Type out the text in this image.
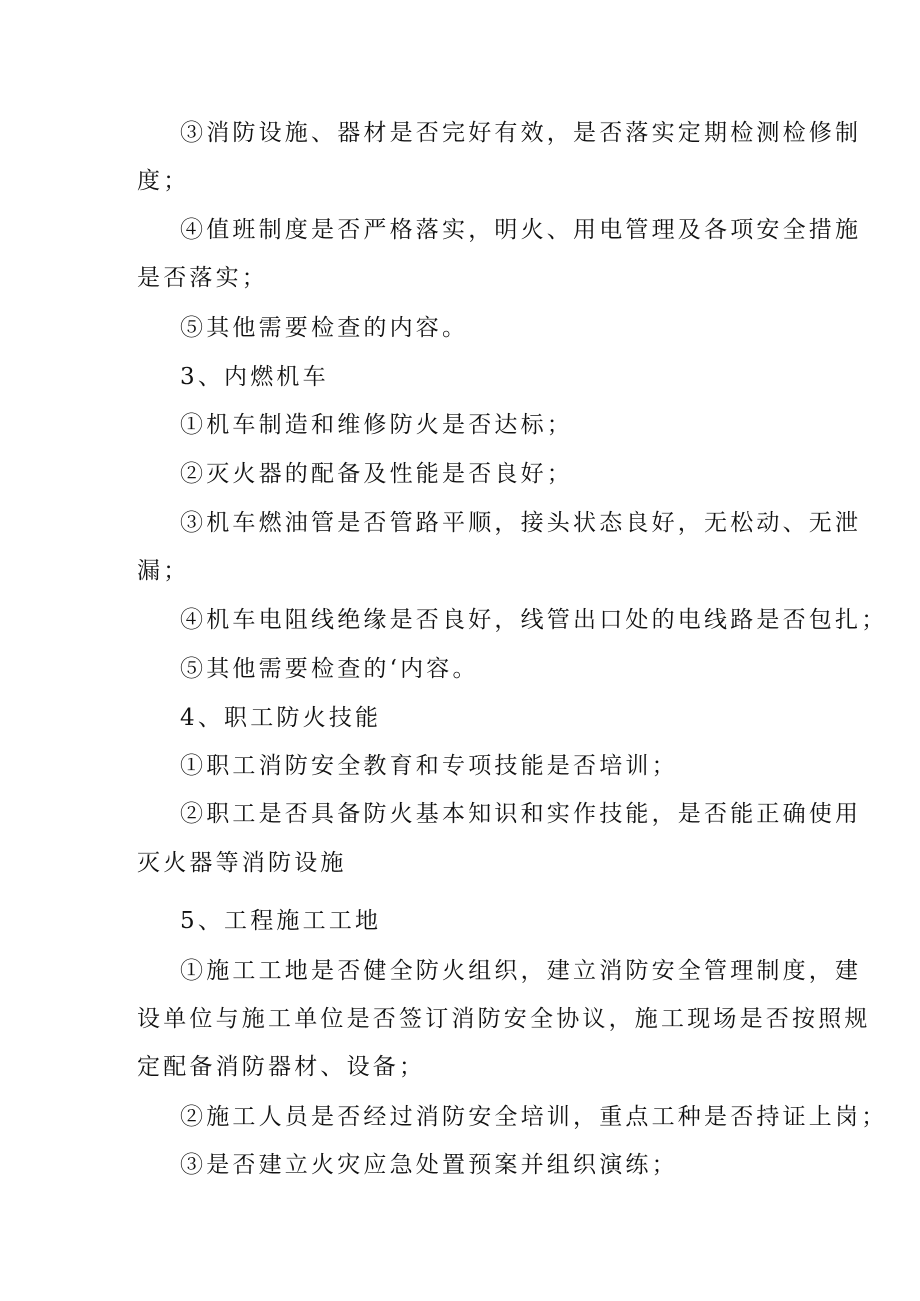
③消防设施、器材是否完好有效，是否落实定期检测检修制
度；
④值班制度是否严格落实，明火、用电管理及各项安全措施
是否落实；
⑤其他需要检查的内容。
3、内燃机车
①机车制造和维修防火是否达标；
②灭火器的配备及性能是否良好；
③机车燃油管是否管路平顺，接头状态良好，无松动、无泄
漏；
④机车电阻线绝缘是否良好，线管出口处的电线路是否包扎；
⑤其他需要检查的‘内容。
4、职工防火技能
①职工消防安全教育和专项技能是否培训；
②职工是否具备防火基本知识和实作技能，是否能正确使用
灭火器等消防设施
5、工程施工工地
①施工工地是否健全防火组织，建立消防安全管理制度，建
设单位与施工单位是否签订消防安全协议，施工现场是否按照规
定配备消防器材、设备；
②施工人员是否经过消防安全培训，重点工种是否持证上岗；
③是否建立火灾应急处置预案并组织演练；
